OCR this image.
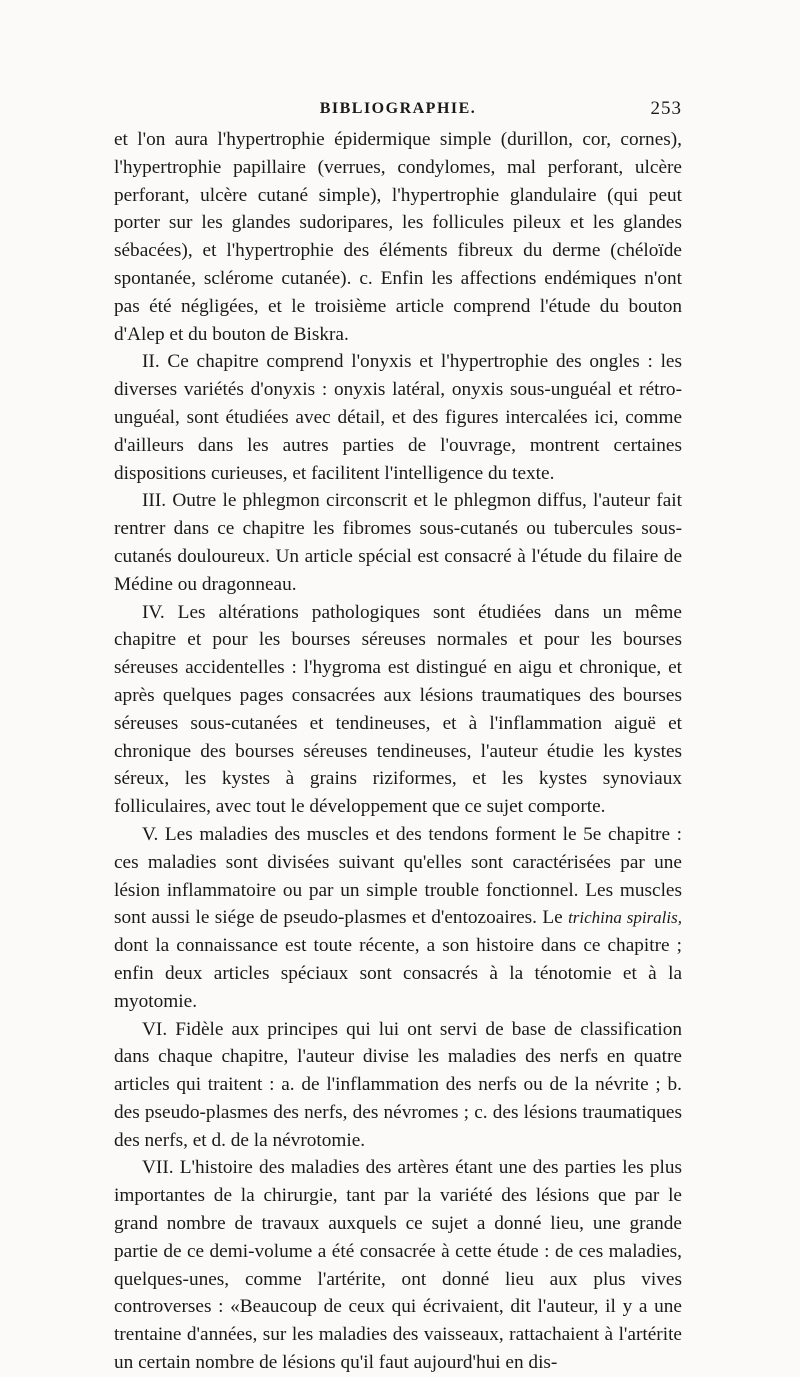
BIBLIOGRAPHIE.	253

et l'on aura l'hypertrophie épidermique simple (durillon, cor, cornes), l'hypertrophie papillaire (verrues, condylomes, mal perforant, ulcère perforant, ulcère cutané simple), l'hypertrophie glandulaire (qui peut porter sur les glandes sudoripares, les follicules pileux et les glandes sébacées), et l'hypertrophie des éléments fibreux du derme (chéloïde spontanée, sclérome cutanée). c. Enfin les affections endémiques n'ont pas été négligées, et le troisième article comprend l'étude du bouton d'Alep et du bouton de Biskra.

II. Ce chapitre comprend l'onyxis et l'hypertrophie des ongles : les diverses variétés d'onyxis : onyxis latéral, onyxis sous-unguéal et rétro-unguéal, sont étudiées avec détail, et des figures intercalées ici, comme d'ailleurs dans les autres parties de l'ouvrage, montrent certaines dispositions curieuses, et facilitent l'intelligence du texte.

III. Outre le phlegmon circonscrit et le phlegmon diffus, l'auteur fait rentrer dans ce chapitre les fibromes sous-cutanés ou tubercules sous-cutanés douloureux. Un article spécial est consacré à l'étude du filaire de Médine ou dragonneau.

IV. Les altérations pathologiques sont étudiées dans un même chapitre et pour les bourses séreuses normales et pour les bourses séreuses accidentelles : l'hygroma est distingué en aigu et chronique, et après quelques pages consacrées aux lésions traumatiques des bourses séreuses sous-cutanées et tendineuses, et à l'inflammation aiguë et chronique des bourses séreuses tendineuses, l'auteur étudie les kystes séreux, les kystes à grains riziformes, et les kystes synoviaux folliculaires, avec tout le développement que ce sujet comporte.

V. Les maladies des muscles et des tendons forment le 5e chapitre : ces maladies sont divisées suivant qu'elles sont caractérisées par une lésion inflammatoire ou par un simple trouble fonctionnel. Les muscles sont aussi le siége de pseudo-plasmes et d'entozoaires. Le trichina spiralis, dont la connaissance est toute récente, a son histoire dans ce chapitre ; enfin deux articles spéciaux sont consacrés à la ténotomie et à la myotomie.

VI. Fidèle aux principes qui lui ont servi de base de classification dans chaque chapitre, l'auteur divise les maladies des nerfs en quatre articles qui traitent : a. de l'inflammation des nerfs ou de la névrite ; b. des pseudo-plasmes des nerfs, des névromes ; c. des lésions traumatiques des nerfs, et d. de la névrotomie.

VII. L'histoire des maladies des artères étant une des parties les plus importantes de la chirurgie, tant par la variété des lésions que par le grand nombre de travaux auxquels ce sujet a donné lieu, une grande partie de ce demi-volume a été consacrée à cette étude : de ces maladies, quelques-unes, comme l'artérite, ont donné lieu aux plus vives controverses : «Beaucoup de ceux qui écrivaient, dit l'auteur, il y a une trentaine d'années, sur les maladies des vaisseaux, rattachaient à l'artérite un certain nombre de lésions qu'il faut aujourd'hui en dis-
